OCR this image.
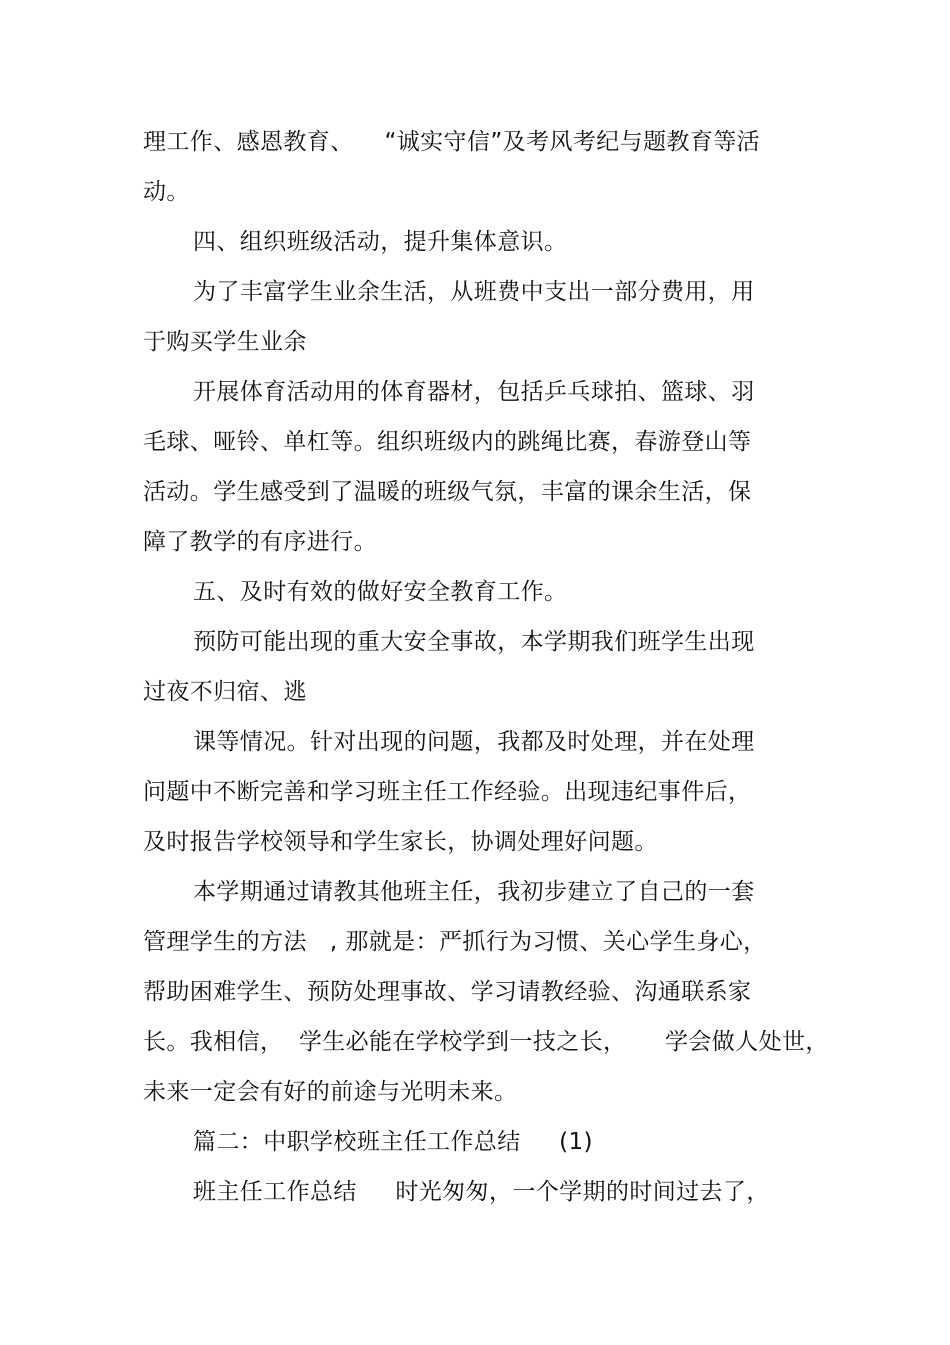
理工作、感恩教育、    “诚实守信”及考风考纪与题教育等活
动。
四、组织班级活动，提升集体意识。
为了丰富学生业余生活，从班费中支出一部分费用，用
于购买学生业余
开展体育活动用的体育器材，包括乒乓球拍、篮球、羽
毛球、哑铃、单杠等。组织班级内的跳绳比赛，春游登山等
活动。学生感受到了温暖的班级气氛，丰富的课余生活，保
障了教学的有序进行。
五、及时有效的做好安全教育工作。
预防可能出现的重大安全事故，本学期我们班学生出现
过夜不归宿、逃
课等情况。针对出现的问题，我都及时处理，并在处理
问题中不断完善和学习班主任工作经验。出现违纪事件后，
及时报告学校领导和学生家长，协调处理好问题。
本学期通过请教其他班主任，我初步建立了自己的一套
管理学生的方法   , 那就是：严抓行为习惯、关心学生身心，
帮助困难学生、预防处理事故、学习请教经验、沟通联系家
长。我相信，  学生必能在学校学到一技之长，     学会做人处世，
未来一定会有好的前途与光明未来。
篇二：中职学校班主任工作总结     (1)
班主任工作总结     时光匆匆，一个学期的时间过去了，
